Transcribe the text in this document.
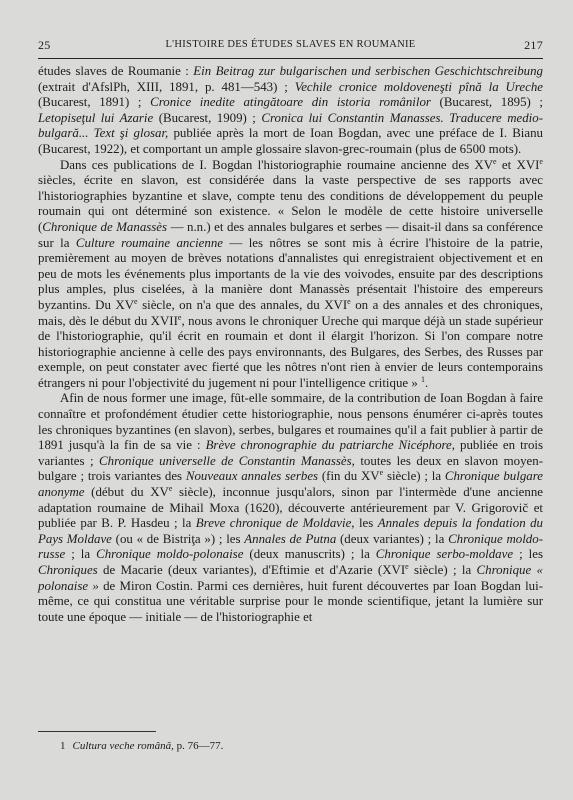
25	L'HISTOIRE DES ÉTUDES SLAVES EN ROUMANIE	217

études slaves de Roumanie : Ein Beitrag zur bulgarischen und serbischen Geschichtschreibung (extrait d'AfslPh, XIII, 1891, p. 481—543) ; Vechile cronice moldoveneşti pînă la Ureche (Bucarest, 1891) ; Cronice inedite atingătoare din istoria românilor (Bucarest, 1895) ; Letopiseţul lui Azarie (Bucarest, 1909) ; Cronica lui Constantin Manasses. Traducere medio-bulgară... Text şi glosar, publiée après la mort de Ioan Bogdan, avec une préface de I. Bianu (Bucarest, 1922), et comportant un ample glossaire slavon-grec-roumain (plus de 6500 mots).

Dans ces publications de I. Bogdan l'historiographie roumaine ancienne des XVe et XVIe siècles, écrite en slavon, est considérée dans la vaste perspective de ses rapports avec l'historiographies byzantine et slave, compte tenu des conditions de développement du peuple roumain qui ont déterminé son existence. « Selon le modèle de cette histoire universelle (Chronique de Manassès — n.n.) et des annales bulgares et serbes — disait-il dans sa conférence sur la Culture roumaine ancienne — les nôtres se sont mis à écrire l'histoire de la patrie, premièrement au moyen de brèves notations d'annalistes qui enregistraient objectivement et en peu de mots les événements plus importants de la vie des voivodes, ensuite par des descriptions plus amples, plus ciselées, à la manière dont Manassès présentait l'histoire des empereurs byzantins. Du XVe siècle, on n'a que des annales, du XVIe on a des annales et des chroniques, mais, dès le début du XVIIe, nous avons le chroniquer Ureche qui marque déjà un stade supérieur de l'historiographie, qu'il écrit en roumain et dont il élargit l'horizon. Si l'on compare notre historiographie ancienne à celle des pays environnants, des Bulgares, des Serbes, des Russes par exemple, on peut constater avec fierté que les nôtres n'ont rien à envier de leurs contemporains étrangers ni pour l'objectivité du jugement ni pour l'intelligence critique » $^1$.

Afin de nous former une image, fût-elle sommaire, de la contribution de Ioan Bogdan à faire connaître et profondément étudier cette historiographie, nous pensons énumérer ci-après toutes les chroniques byzantines (en slavon), serbes, bulgares et roumaines qu'il a fait publier à partir de 1891 jusqu'à la fin de sa vie : Brève chronographie du patriarche Nicéphore, publiée en trois variantes ; Chronique universelle de Constantin Manassès, toutes les deux en slavon moyen-bulgare ; trois variantes des Nouveaux annales serbes (fin du XVe siècle) ; la Chronique bulgare anonyme (début du XVe siècle), inconnue jusqu'alors, sinon par l'intermède d'une ancienne adaptation roumaine de Mihail Moxa (1620), découverte antérieurement par V. Grigorovič et publiée par B. P. Hasdeu ; la Breve chronique de Moldavie, les Annales depuis la fondation du Pays Moldave (ou « de Bistriţa ») ; les Annales de Putna (deux variantes) ; la Chronique moldo-russe ; la Chronique moldo-polonaise (deux manuscrits) ; la Chronique serbo-moldave ; les Chroniques de Macarie (deux variantes), d'Eftimie et d'Azarie (XVIe siècle) ; la Chronique « polonaise » de Miron Costin. Parmi ces dernières, huit furent découvertes par Ioan Bogdan lui-même, ce qui constitua une véritable surprise pour le monde scientifique, jetant la lumière sur toute une époque — initiale — de l'historiographie et

1 Cultura veche română, p. 76—77.
